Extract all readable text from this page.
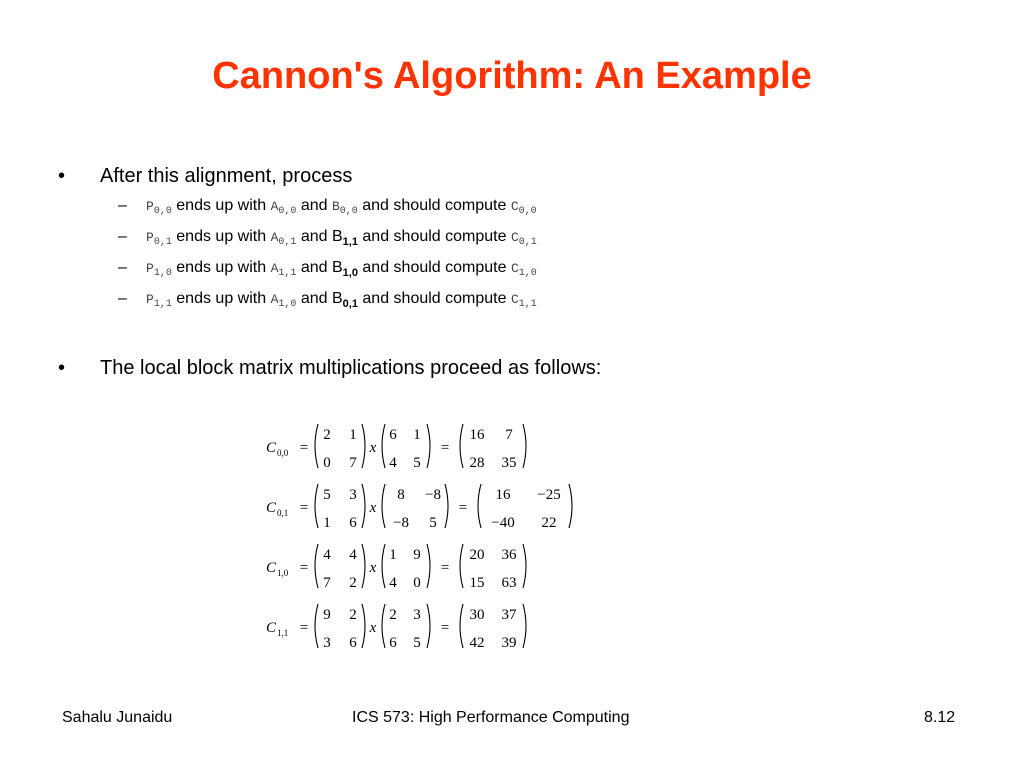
Cannon's Algorithm: An Example
• After this alignment, process
– $P_{0,0}$ ends up with $A_{0,0}$ and $B_{0,0}$ and should compute $C_{0,0}$
– $P_{0,1}$ ends up with $A_{0,1}$ and $B_{1,1}$ and should compute $C_{0,1}$
– $P_{1,0}$ ends up with $A_{1,1}$ and $B_{1,0}$ and should compute $C_{1,0}$
– $P_{1,1}$ ends up with $A_{1,0}$ and $B_{0,1}$ and should compute $C_{1,1}$
• The local block matrix multiplications proceed as follows:
C 0,0 =
2 1
0 7
x
6 1
4 5
=
16 7
28 35
C 0,1 =
5 3
1 6
x
8 −8
−8 5
=
16 −25
−40 22
C 1,0 =
4 4
7 2
x
1 9
4 0
=
20 36
15 63
C 1,1 =
9 2
3 6
x
2 3
6 5
=
30 37
42 39
Sahalu Junaidu	ICS 573: High Performance Computing	8.12
